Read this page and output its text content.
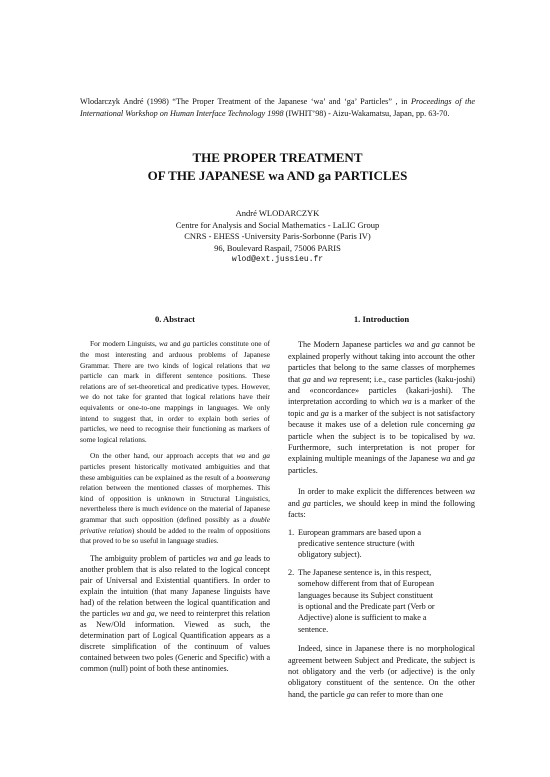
Wlodarczyk André (1998) “The Proper Treatment of the Japanese ‘wa’ and ‘ga’ Particles” , in Proceedings of the International Workshop on Human Interface Technology 1998 (IWHIT’98) - Aizu-Wakamatsu, Japan, pp. 63-70.
THE PROPER TREATMENT
OF THE JAPANESE wa AND ga PARTICLES
André WLODARCZYK
Centre for Analysis and Social Mathematics - LaLIC Group
CNRS - EHESS -University Paris-Sorbonne (Paris IV)
96, Boulevard Raspail, 75006 PARIS
wlod@ext.jussieu.fr
0. Abstract

For modern Linguists, wa and ga particles constitute one of the most interesting and arduous problems of Japanese Grammar. There are two kinds of logical relations that wa particle can mark in different sentence positions. These relations are of set-theoretical and predicative types. However, we do not take for granted that logical relations have their equivalents or one-to-one mappings in languages. We only intend to suggest that, in order to explain both series of particles, we need to recognise their functioning as markers of some logical relations.

On the other hand, our approach accepts that wa and ga particles present historically motivated ambiguities and that these ambiguities can be explained as the result of a boomerang relation between the mentioned classes of morphemes. This kind of opposition is unknown in Structural Linguistics, nevertheless there is much evidence on the material of Japanese grammar that such opposition (defined possibly as a double privative relation) should be added to the realm of oppositions that proved to be so useful in language studies.

The ambiguity problem of particles wa and ga leads to another problem that is also related to the logical concept pair of Universal and Existential quantifiers. In order to explain the intuition (that many Japanese linguists have had) of the relation between the logical quantification and the particles wa and ga, we need to reinterpret this relation as New/Old information. Viewed as such, the determination part of Logical Quantification appears as a discrete simplification of the continuum of values contained between two poles (Generic and Specific) with a common (null) point of both these antinomies.

1. Introduction

The Modern Japanese particles wa and ga cannot be explained properly without taking into account the other particles that belong to the same classes of morphemes that ga and wa represent; i.e., case particles (kaku-joshi) and «concordance» particles (kakari-joshi). The interpretation according to which wa is a marker of the topic and ga is a marker of the subject is not satisfactory because it makes use of a deletion rule concerning ga particle when the subject is to be topicalised by wa. Furthermore, such interpretation is not proper for explaining multiple meanings of the Japanese wa and ga particles.

In order to make explicit the differences between wa and ga particles, we should keep in mind the following facts:

1. European grammars are based upon a predicative sentence structure (with obligatory subject).
2. The Japanese sentence is, in this respect, somehow different from that of European languages because its Subject constituent is optional and the Predicate part (Verb or Adjective) alone is sufficient to make a sentence.

Indeed, since in Japanese there is no morphological agreement between Subject and Predicate, the subject is not obligatory and the verb (or adjective) is the only obligatory constituent of the sentence. On the other hand, the particle ga can refer to more than one
